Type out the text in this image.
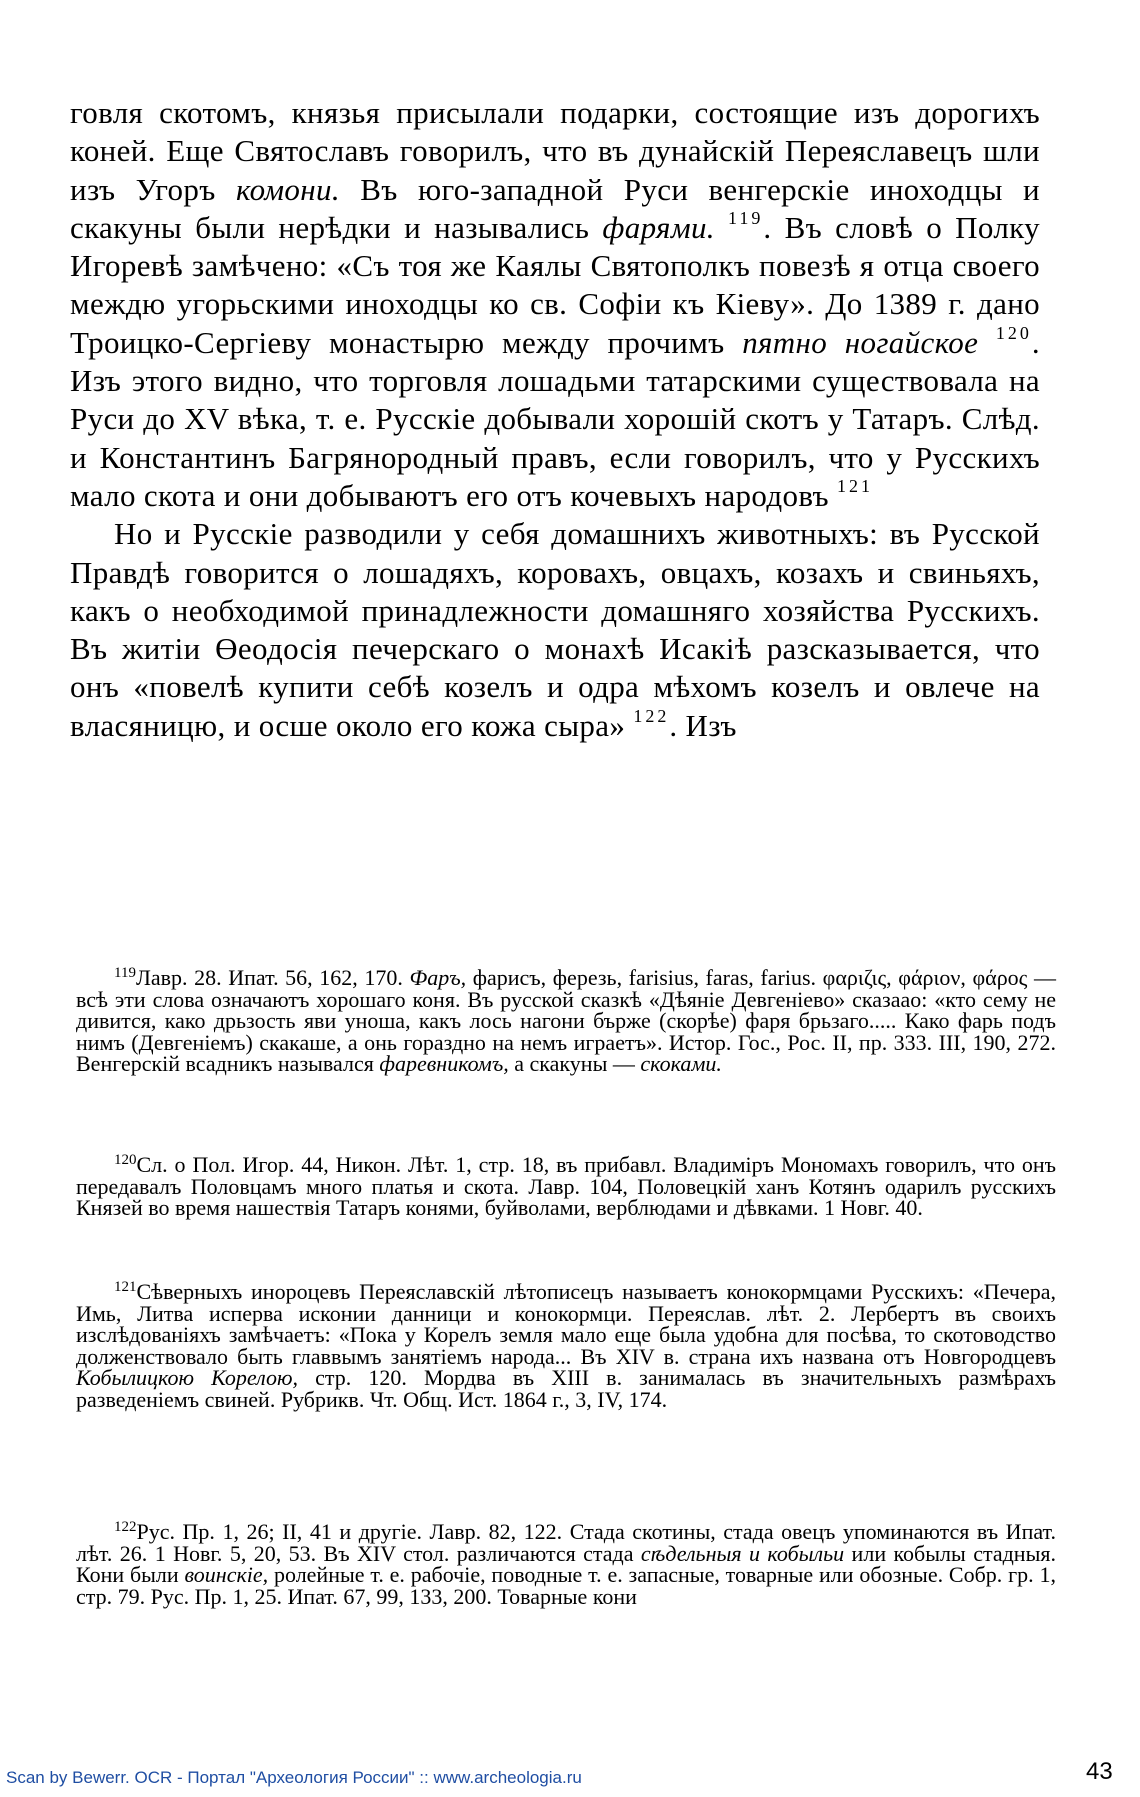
говля скотомъ, князья присылали подарки, состоящие изъ дорогихъ коней. Еще Святославъ говорилъ, что въ дунайскій Переяславецъ шли изъ Угоръ комони. Въ юго-западной Руси венгерскіе иноходцы и скакуны были нерѣдки и назывались фарями. $^{119}$. Въ словѣ о Полку Игоревѣ замѣчено: «Съ тоя же Каялы Святополкъ повезѣ я отца своего междю угорьскими иноходцы ко св. Софіи къ Кіеву». До 1389 г. дано Троицко-Сергіеву монастырю между прочимъ пятно ногайское $^{120}$. Изъ этого видно, что торговля лошадьми татарскими существовала на Руси до XV вѣка, т. е. Русскіе добывали хорошій скотъ у Татаръ. Слѣд. и Константинъ Багрянородный правъ, если говорилъ, что у Русскихъ мало скота и они добываютъ его отъ кочевыхъ народовъ $^{121}$

Но и Русскіе разводили у себя домашнихъ животныхъ: въ Русской Правдѣ говорится о лошадяхъ, коровахъ, овцахъ, козахъ и свиньяхъ, какъ о необходимой принадлежности домашняго хозяйства Русскихъ. Въ житіи Өеодосія печерскаго о монахѣ Исакіѣ разсказывается, что онъ «повелѣ купити себѣ козелъ и одра мѣхомъ козелъ и овлече на власяницю, и осше около его кожа сыра» $^{122}$. Изъ

$^{119}$Лавр. 28. Ипат. 56, 162, 170. Фаръ, фарисъ, ферезь, farisius, faras, farius. φαριζις, φάριον, φάρος — всѣ эти слова означаютъ хорошаго коня. Въ русской сказкѣ «Дѣяніе Девгеніево» сказаао: «кто сему не дивится, како дрьзость яви уноша, какъ лось нагони бърже (скорѣе) фаря брьзаго..... Како фарь подъ нимъ (Девгеніемъ) скакаше, а онь гораздно на немъ играетъ». Истор. Гос., Рос. II, пр. 333. III, 190, 272. Венгерскій всадникъ назывался фаревникомъ, а скакуны — скоками.
$^{120}$Сл. о Пол. Игор. 44, Никон. Лѣт. 1, стр. 18, въ прибавл. Владиміръ Мономахъ говорилъ, что онъ передавалъ Половцамъ много платья и скота. Лавр. 104, Половецкій ханъ Котянъ одарилъ русскихъ Князей во время нашествія Татаръ конями, буйволами, верблюдами и дѣвками. 1 Новг. 40.
$^{121}$Сѣверныхъ инороцевъ Переяславскій лѣтописецъ называетъ конокормцами Русскихъ: «Печера, Имь, Литва исперва исконии данници и конокормци. Переяслав. лѣт. 2. Лербертъ въ своихъ изслѣдованіяхъ замѣчаетъ: «Пока у Корелъ земля мало еще была удобна для посѣва, то скотоводство долженствовало быть главвымъ занятіемъ народа... Въ XIV в. страна ихъ названа отъ Новгородцевъ Кобылицкою Корелою, стр. 120. Мордва въ XIII в. занималась въ значительныхъ размѣрахъ разведеніемъ свиней. Рубрикв. Чт. Общ. Ист. 1864 г., 3, IV, 174.
$^{122}$Рус. Пр. 1, 26; II, 41 и другіе. Лавр. 82, 122. Стада скотины, стада овецъ упоминаются въ Ипат. лѣт. 26. 1 Новг. 5, 20, 53. Въ XIV стол. различаются стада сѣдельныя и кобыльи или кобылы стадныя. Кони были воинскіе, ролейные т. е. рабочіе, поводные т. е. запасные, товарные или обозные. Собр. гр. 1, стр. 79. Рус. Пр. 1, 25. Ипат. 67, 99, 133, 200. Товарные кони
Scan by Bewerr. OCR - Портал "Археология России" :: www.archeologia.ru	43
